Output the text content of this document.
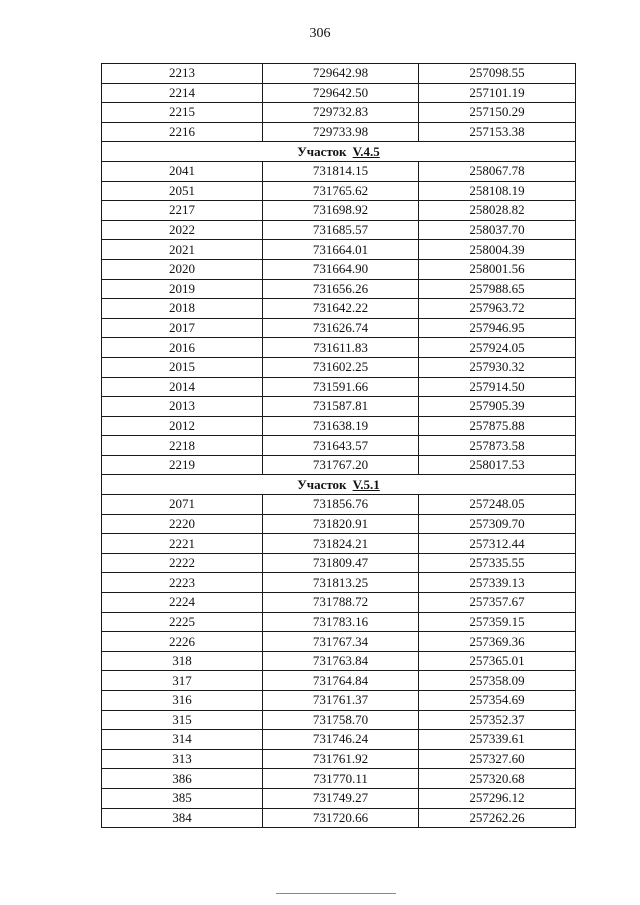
306
2213	729642.98	257098.55
2214	729642.50	257101.19
2215	729732.83	257150.29
2216	729733.98	257153.38
Участок V.4.5		
2041	731814.15	258067.78
2051	731765.62	258108.19
2217	731698.92	258028.82
2022	731685.57	258037.70
2021	731664.01	258004.39
2020	731664.90	258001.56
2019	731656.26	257988.65
2018	731642.22	257963.72
2017	731626.74	257946.95
2016	731611.83	257924.05
2015	731602.25	257930.32
2014	731591.66	257914.50
2013	731587.81	257905.39
2012	731638.19	257875.88
2218	731643.57	257873.58
2219	731767.20	258017.53
Участок V.5.1		
2071	731856.76	257248.05
2220	731820.91	257309.70
2221	731824.21	257312.44
2222	731809.47	257335.55
2223	731813.25	257339.13
2224	731788.72	257357.67
2225	731783.16	257359.15
2226	731767.34	257369.36
318	731763.84	257365.01
317	731764.84	257358.09
316	731761.37	257354.69
315	731758.70	257352.37
314	731746.24	257339.61
313	731761.92	257327.60
386	731770.11	257320.68
385	731749.27	257296.12
384	731720.66	257262.26
